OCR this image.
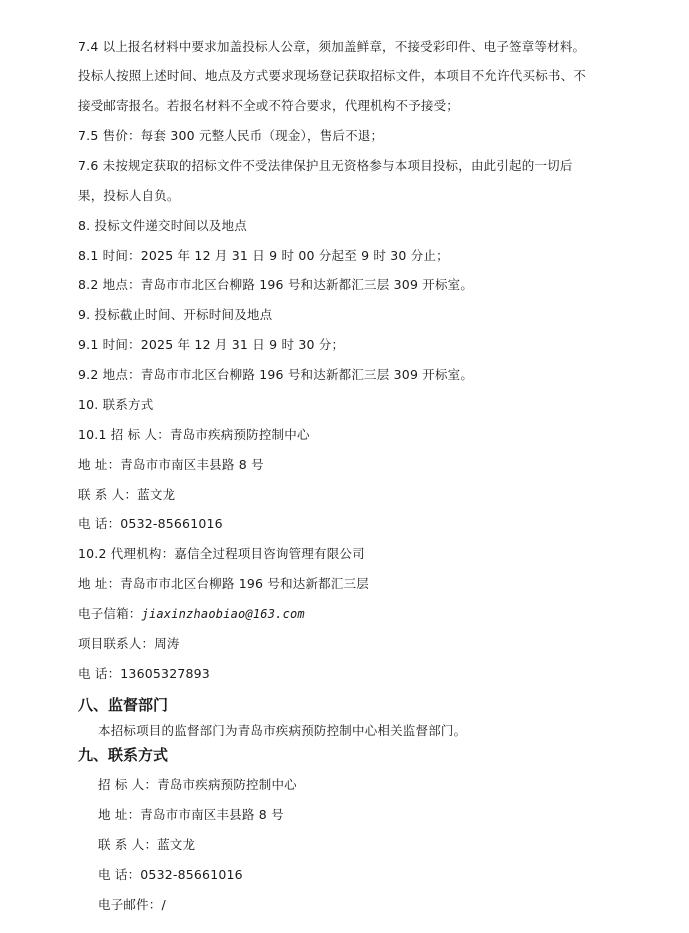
7.4 以上报名材料中要求加盖投标人公章，须加盖鲜章，不接受彩印件、电子签章等材料。
投标人按照上述时间、地点及方式要求现场登记获取招标文件，本项目不允许代买标书、不
接受邮寄报名。若报名材料不全或不符合要求，代理机构不予接受；
7.5 售价：每套 300 元整人民币（现金），售后不退；
7.6 未按规定获取的招标文件不受法律保护且无资格参与本项目投标，由此引起的一切后
果，投标人自负。
8. 投标文件递交时间以及地点
8.1 时间：2025 年 12 月 31 日 9 时 00 分起至 9 时 30 分止；
8.2 地点：青岛市市北区台柳路 196 号和达新都汇三层 309 开标室。
9. 投标截止时间、开标时间及地点
9.1 时间：2025 年 12 月 31 日 9 时 30 分；
9.2 地点：青岛市市北区台柳路 196 号和达新都汇三层 309 开标室。
10. 联系方式
10.1 招 标 人：青岛市疾病预防控制中心
地 址：青岛市市南区丰县路 8 号
联 系 人：蓝文龙
电 话：0532-85661016
10.2 代理机构：嘉信全过程项目咨询管理有限公司
地 址：青岛市市北区台柳路 196 号和达新都汇三层
电子信箱：jiaxinzhaobiao@163.com
项目联系人：周涛
电 话：13605327893
八、监督部门
本招标项目的监督部门为青岛市疾病预防控制中心相关监督部门。
九、联系方式
招 标 人：青岛市疾病预防控制中心
地 址：青岛市市南区丰县路 8 号
联 系 人：蓝文龙
电 话：0532-85661016
电子邮件：/
